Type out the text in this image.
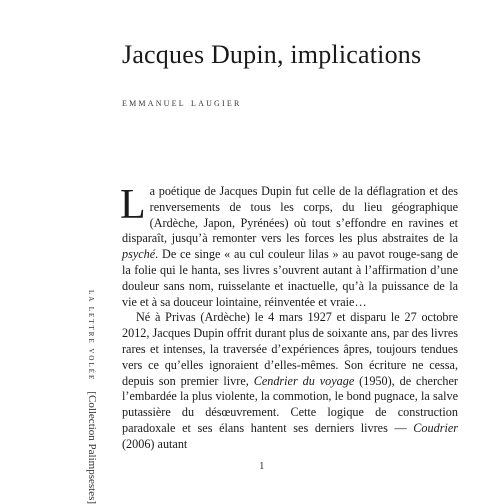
Jacques Dupin, implications
emmanuel laugier

La poétique de Jacques Dupin fut celle de la déflagration et des renversements de tous les corps, du lieu géographique (Ardèche, Japon, Pyrénées) où tout s’effondre en ravines et disparaît, jusqu’à remonter vers les forces les plus abstraites de la psyché. De ce singe « au cul couleur lilas » au pavot rouge-sang de la folie qui le hanta, ses livres s’ouvrent autant à l’affirmation d’une douleur sans nom, ruisselante et inactuelle, qu’à la puissance de la vie et à sa douceur lointaine, réinventée et vraie…

Né à Privas (Ardèche) le 4 mars 1927 et disparu le 27 octobre 2012, Jacques Dupin offrit durant plus de soixante ans, par des livres rares et intenses, la traversée d’expériences âpres, toujours tendues vers ce qu’elles ignoraient d’elles-mêmes. Son écriture ne cessa, depuis son premier livre, Cendrier du voyage (1950), de chercher l’embardée la plus violente, la commotion, le bond pugnace, la salve putassière du désœuvrement. Cette logique de construction paradoxale et ses élans hantent ses derniers livres — Coudrier (2006) autant

LA LETTRE VOLÉE[Collection Palimpsestes]	1
